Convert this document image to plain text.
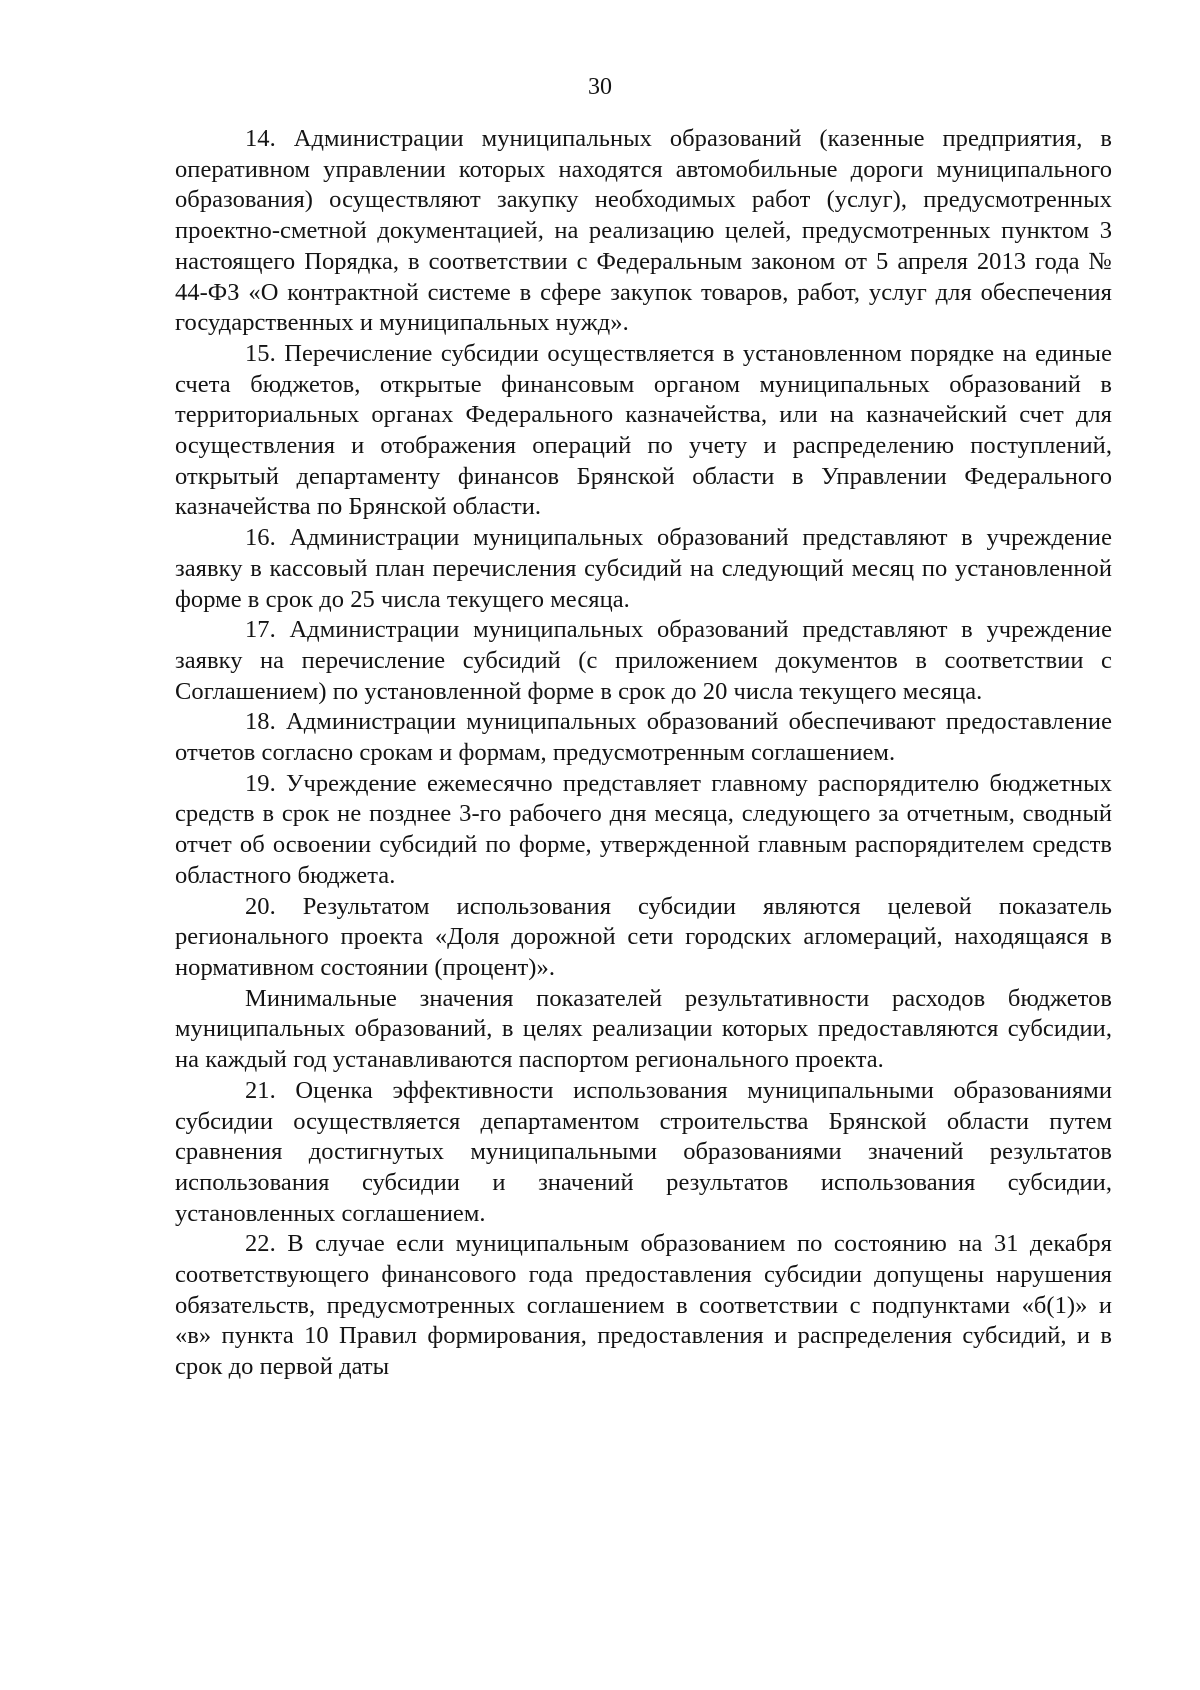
30

14. Администрации муниципальных образований (казенные предприятия, в оперативном управлении которых находятся автомобильные дороги муниципального образования) осуществляют закупку необходимых работ (услуг), предусмотренных проектно-сметной документацией, на реализацию целей, предусмотренных пунктом 3 настоящего Порядка, в соответствии с Федеральным законом от 5 апреля 2013 года № 44-ФЗ «О контрактной системе в сфере закупок товаров, работ, услуг для обеспечения государственных и муниципальных нужд».

15. Перечисление субсидии осуществляется в установленном порядке на единые счета бюджетов, открытые финансовым органом муниципальных образований в территориальных органах Федерального казначейства, или на казначейский счет для осуществления и отображения операций по учету и распределению поступлений, открытый департаменту финансов Брянской области в Управлении Федерального казначейства по Брянской области.

16. Администрации муниципальных образований представляют в учреждение заявку в кассовый план перечисления субсидий на следующий месяц по установленной форме в срок до 25 числа текущего месяца.

17. Администрации муниципальных образований представляют в учреждение заявку на перечисление субсидий (с приложением документов в соответствии с Соглашением) по установленной форме в срок до 20 числа текущего месяца.

18. Администрации муниципальных образований обеспечивают предоставление отчетов согласно срокам и формам, предусмотренным соглашением.

19. Учреждение ежемесячно представляет главному распорядителю бюджетных средств в срок не позднее 3-го рабочего дня месяца, следующего за отчетным, сводный отчет об освоении субсидий по форме, утвержденной главным распорядителем средств областного бюджета.

20. Результатом использования субсидии являются целевой показатель регионального проекта «Доля дорожной сети городских агломераций, находящаяся в нормативном состоянии (процент)».

Минимальные значения показателей результативности расходов бюджетов муниципальных образований, в целях реализации которых предоставляются субсидии, на каждый год устанавливаются паспортом регионального проекта.

21. Оценка эффективности использования муниципальными образованиями субсидии осуществляется департаментом строительства Брянской области путем сравнения достигнутых муниципальными образованиями значений результатов использования субсидии и значений результатов использования субсидии, установленных соглашением.

22. В случае если муниципальным образованием по состоянию на 31 декабря соответствующего финансового года предоставления субсидии допущены нарушения обязательств, предусмотренных соглашением в соответствии с подпунктами «б(1)» и «в» пункта 10 Правил формирования, предоставления и распределения субсидий, и в срок до первой даты
